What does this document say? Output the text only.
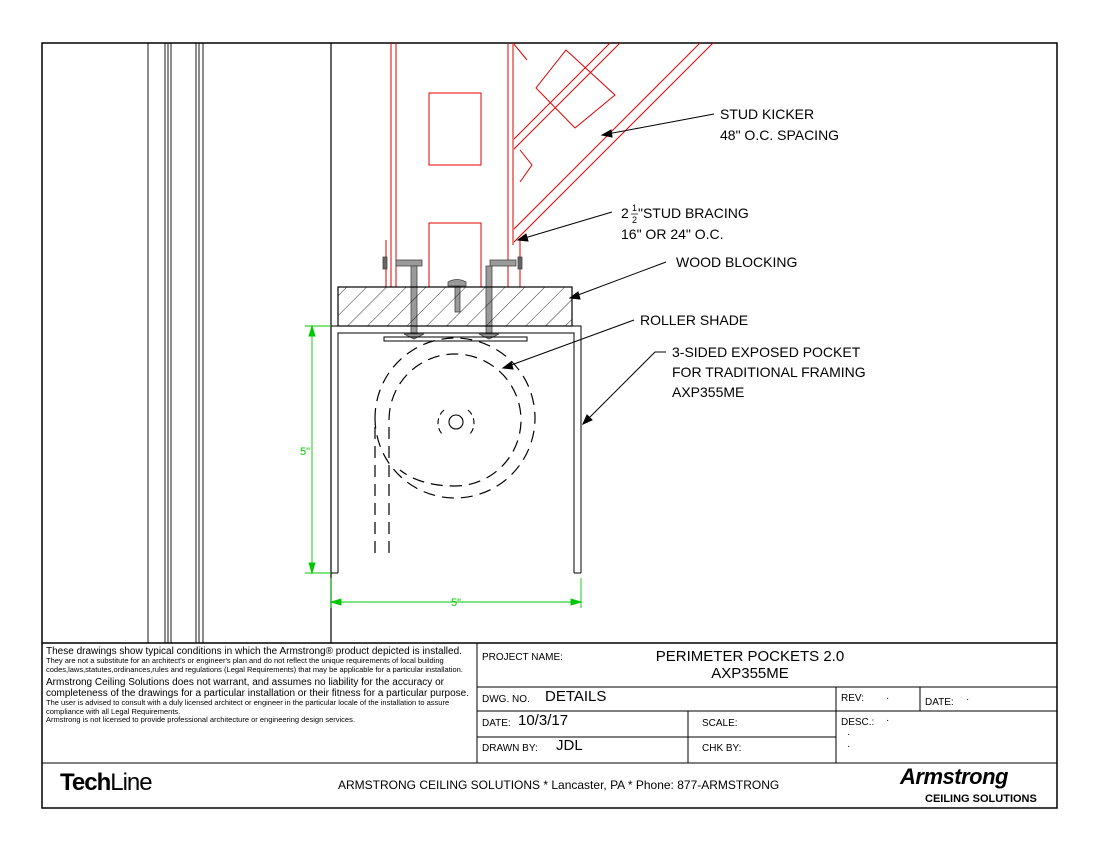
5"
5"
STUD KICKER
48" O.C. SPACING
2 1
2 "STUD BRACING
16" OR 24" O.C.
WOOD BLOCKING
ROLLER SHADE
3-SIDED EXPOSED POCKET
FOR TRADITIONAL FRAMING
AXP355ME
These drawings show typical conditions in which the Armstrong® product depicted is installed.
They are not a substitute for an architect's or engineer's plan and do not reflect the unique requirements of local building codes,laws,statutes,ordinances,rules and regulations (Legal Requirements) that may be applicable for a particular installation.
Armstrong Ceiling Solutions does not warrant, and assumes no liability for the accuracy or completeness of the drawings for a particular installation or their fitness for a particular purpose.
The user is advised to consult with a duly licensed architect or engineer in the particular locale of the installation to assure compliance with all Legal Requirements.
Armstrong is not licensed to provide professional architecture or engineering design services.
PROJECT NAME:	PERIMETER POCKETS 2.0
AXP355ME
DWG. NO. DETAILS	REV: ·	DATE: ·
DATE: 10/3/17	SCALE:	DESC.: ·
·
·
DRAWN BY: JDL	CHK BY:
TechLine	ARMSTRONG CEILING SOLUTIONS * Lancaster, PA * Phone: 877-ARMSTRONG	Armstrong
CEILING SOLUTIONS
